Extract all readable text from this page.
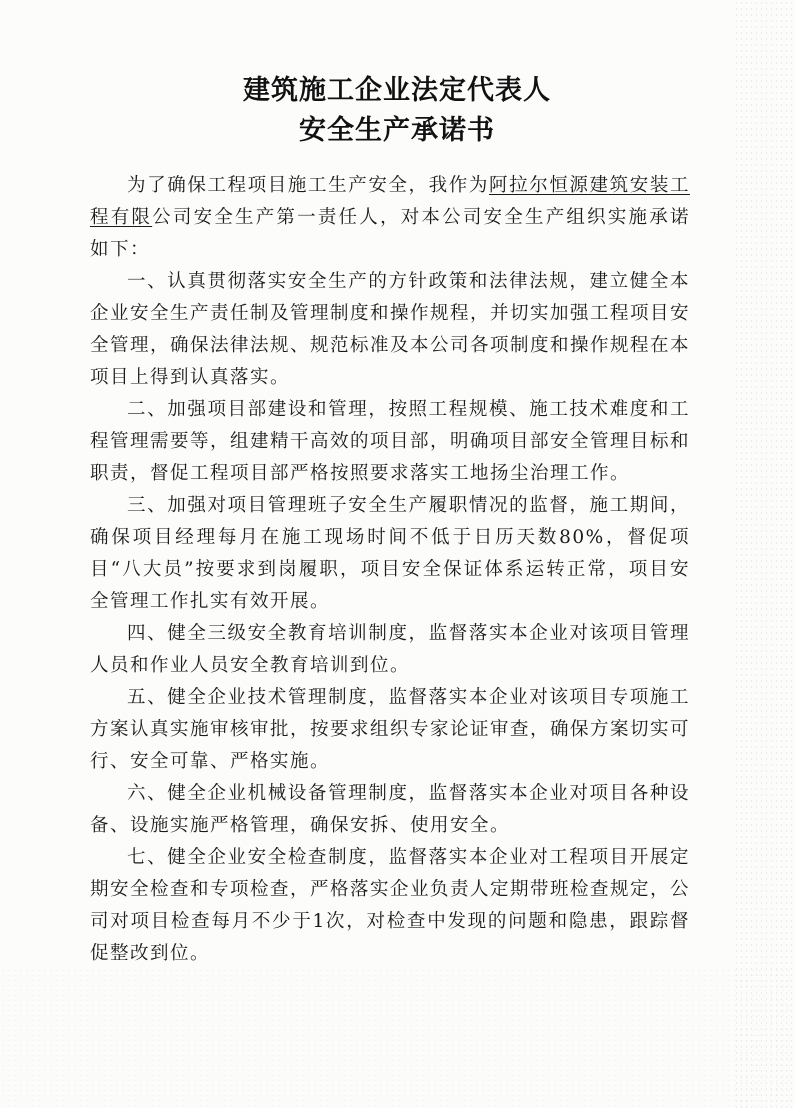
建筑施工企业法定代表人
安全生产承诺书

为了确保工程项目施工生产安全，我作为阿拉尔恒源建筑安装工程有限公司安全生产第一责任人，对本公司安全生产组织实施承诺如下：

一、认真贯彻落实安全生产的方针政策和法律法规，建立健全本企业安全生产责任制及管理制度和操作规程，并切实加强工程项目安全管理，确保法律法规、规范标准及本公司各项制度和操作规程在本项目上得到认真落实。

二、加强项目部建设和管理，按照工程规模、施工技术难度和工程管理需要等，组建精干高效的项目部，明确项目部安全管理目标和职责，督促工程项目部严格按照要求落实工地扬尘治理工作。

三、加强对项目管理班子安全生产履职情况的监督，施工期间，确保项目经理每月在施工现场时间不低于日历天数80%，督促项目“八大员”按要求到岗履职，项目安全保证体系运转正常，项目安全管理工作扎实有效开展。

四、健全三级安全教育培训制度，监督落实本企业对该项目管理人员和作业人员安全教育培训到位。

五、健全企业技术管理制度，监督落实本企业对该项目专项施工方案认真实施审核审批，按要求组织专家论证审查，确保方案切实可行、安全可靠、严格实施。

六、健全企业机械设备管理制度，监督落实本企业对项目各种设备、设施实施严格管理，确保安拆、使用安全。

七、健全企业安全检查制度，监督落实本企业对工程项目开展定期安全检查和专项检查，严格落实企业负责人定期带班检查规定，公司对项目检查每月不少于1次，对检查中发现的问题和隐患，跟踪督促整改到位。
